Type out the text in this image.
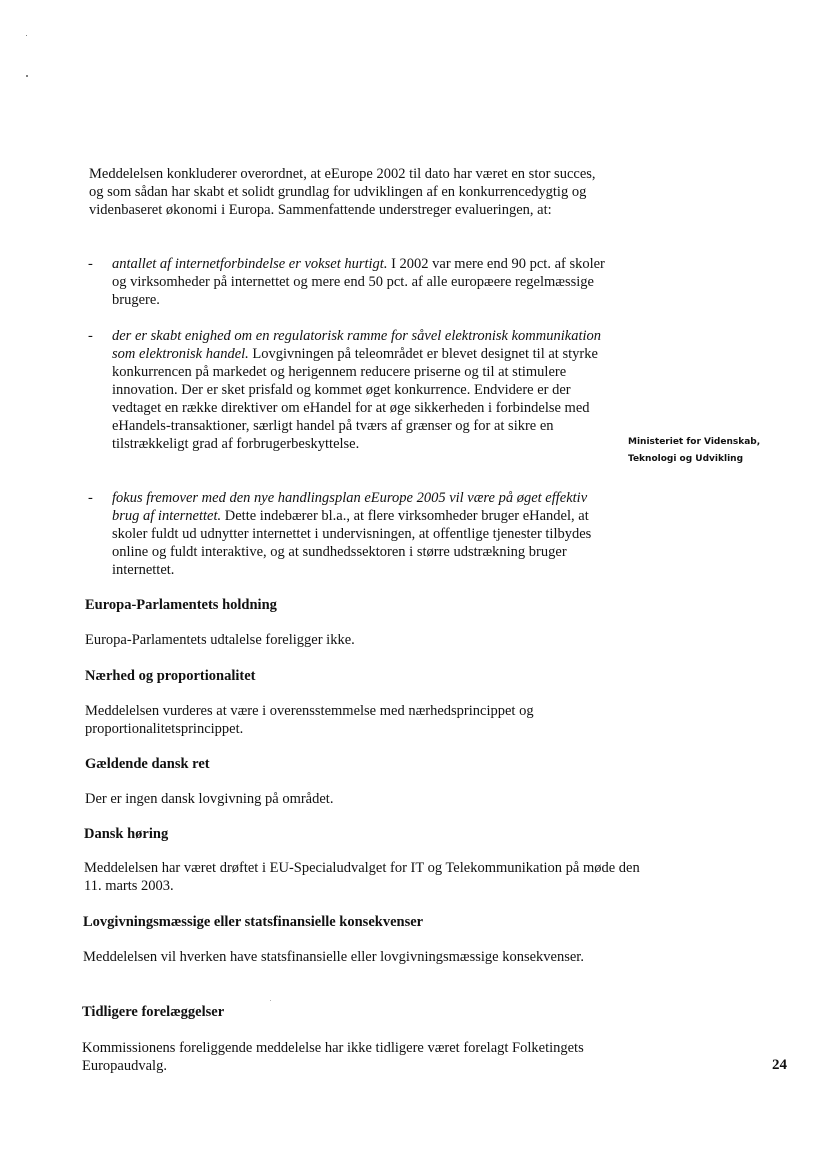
Meddelelsen konkluderer overordnet, at eEurope 2002 til dato har været en stor succes, og som sådan har skabt et solidt grundlag for udviklingen af en konkurrencedygtig og videnbaseret økonomi i Europa. Sammenfattende understreger evalueringen, at:

- antallet af internetforbindelse er vokset hurtigt. I 2002 var mere end 90 pct. af skoler og virksomheder på internettet og mere end 50 pct. af alle europæere regelmæssige brugere.

- der er skabt enighed om en regulatorisk ramme for såvel elektronisk kommunikation som elektronisk handel. Lovgivningen på teleområdet er blevet designet til at styrke konkurrencen på markedet og herigennem reducere priserne og til at stimulere innovation. Der er sket prisfald og kommet øget konkurrence. Endvidere er der vedtaget en række direktiver om eHandel for at øge sikkerheden i forbindelse med eHandels-transaktioner, særligt handel på tværs af grænser og for at sikre en tilstrækkeligt grad af forbrugerbeskyttelse.

- fokus fremover med den nye handlingsplan eEurope 2005 vil være på øget effektiv brug af internettet. Dette indebærer bl.a., at flere virksomheder bruger eHandel, at skoler fuldt ud udnytter internettet i undervisningen, at offentlige tjenester tilbydes online og fuldt interaktive, og at sundhedssektoren i større udstrækning bruger internettet.

Europa-Parlamentets holdning

Europa-Parlamentets udtalelse foreligger ikke.

Nærhed og proportionalitet

Meddelelsen vurderes at være i overensstemmelse med nærhedsprincippet og proportionalitetsprincippet.

Gældende dansk ret

Der er ingen dansk lovgivning på området.

Dansk høring

Meddelelsen har været drøftet i EU-Specialudvalget for IT og Telekommunikation på møde den 11. marts 2003.

Lovgivningsmæssige eller statsfinansielle konsekvenser

Meddelelsen vil hverken have statsfinansielle eller lovgivningsmæssige konsekvenser.

Tidligere forelæggelser

Kommissionens foreliggende meddelelse har ikke tidligere været forelagt Folketingets Europaudvalg.

Ministeriet for Videnskab,
Teknologi og Udvikling
24
